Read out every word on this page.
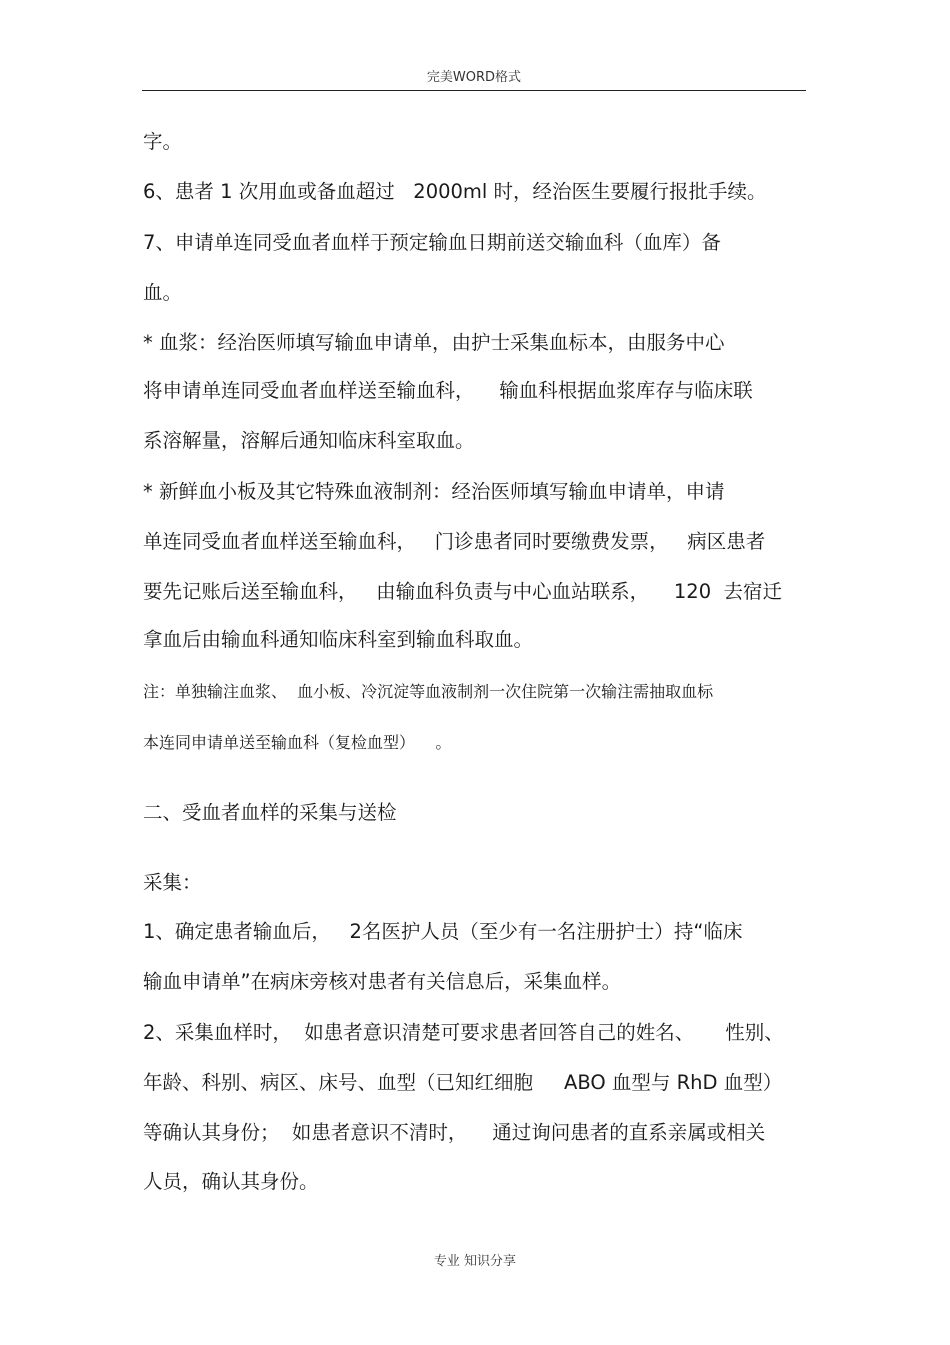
完美WORD格式
字。
6、患者 1 次用血或备血超过   2000ml 时，经治医生要履行报批手续。
7、申请单连同受血者血样于预定输血日期前送交输血科（血库）备
血。
* 血浆：经治医师填写输血申请单，由护士采集血标本，由服务中心
将申请单连同受血者血样送至输血科，    输血科根据血浆库存与临床联
系溶解量，溶解后通知临床科室取血。
* 新鲜血小板及其它特殊血液制剂：经治医师填写输血申请单，申请
单连同受血者血样送至输血科，   门诊患者同时要缴费发票，   病区患者
要先记账后送至输血科，   由输血科负责与中心血站联系，    120  去宿迁
拿血后由输血科通知临床科室到输血科取血。
注：单独输注血浆、  血小板、冷沉淀等血液制剂一次住院第一次输注需抽取血标
本连同申请单送至输血科（复检血型）    。
二、受血者血样的采集与送检
采集：
1、确定患者输血后，   2名医护人员（至少有一名注册护士）持“临床
输血申请单”在病床旁核对患者有关信息后，采集血样。
2、采集血样时，  如患者意识清楚可要求患者回答自己的姓名、     性别、
年龄、科别、病区、床号、血型（已知红细胞     ABO 血型与 RhD 血型）
等确认其身份；  如患者意识不清时，    通过询问患者的直系亲属或相关
人员，确认其身份。
专业 知识分享
